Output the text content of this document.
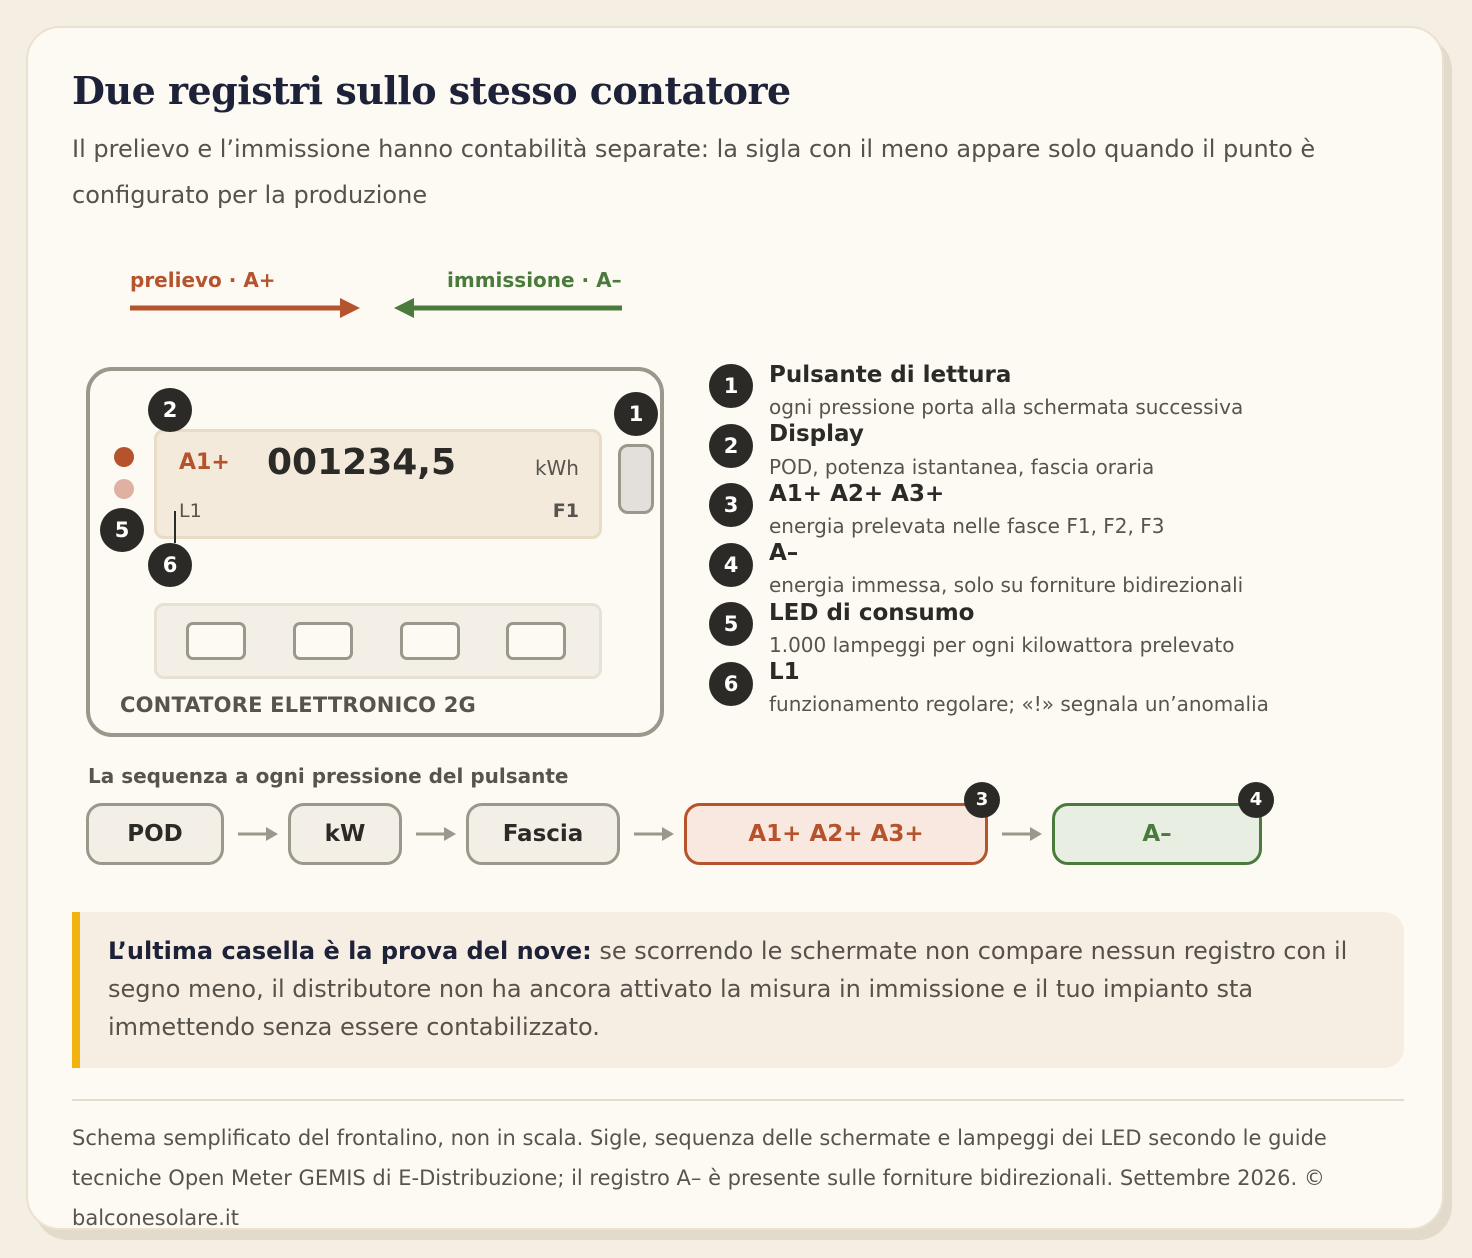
Due registri sullo stesso contatore

Il prelievo e l’immissione hanno contabilità separate: la sigla con il meno appare solo quando il punto è configurato per la produzione

prelievo · A+	immissione · A–
A1+ 001234,5	kWh
L1	F1
CONTATORE ELETTRONICO 2G
2	1
5
6
1	Pulsante di lettura
ogni pressione porta alla schermata successiva
2	Display
POD, potenza istantanea, fascia oraria
3	A1+ A2+ A3+
energia prelevata nelle fasce F1, F2, F3
4	A–
energia immessa, solo su forniture bidirezionali
5	LED di consumo
1.000 lampeggi per ogni kilowattora prelevato
6	L1
funzionamento regolare; «!» segnala un’anomalia
La sequenza a ogni pressione del pulsante
POD	kW	Fascia	A1+ A2+ A3+	A–
3	4
L’ultima casella è la prova del nove: se scorrendo le schermate non compare nessun registro con il segno meno, il distributore non ha ancora attivato la misura in immissione e il tuo impianto sta immettendo senza essere contabilizzato.
Schema semplificato del frontalino, non in scala. Sigle, sequenza delle schermate e lampeggi dei LED secondo le guide tecniche Open Meter GEMIS di E-Distribuzione; il registro A– è presente sulle forniture bidirezionali. Settembre 2026. © balconesolare.it
